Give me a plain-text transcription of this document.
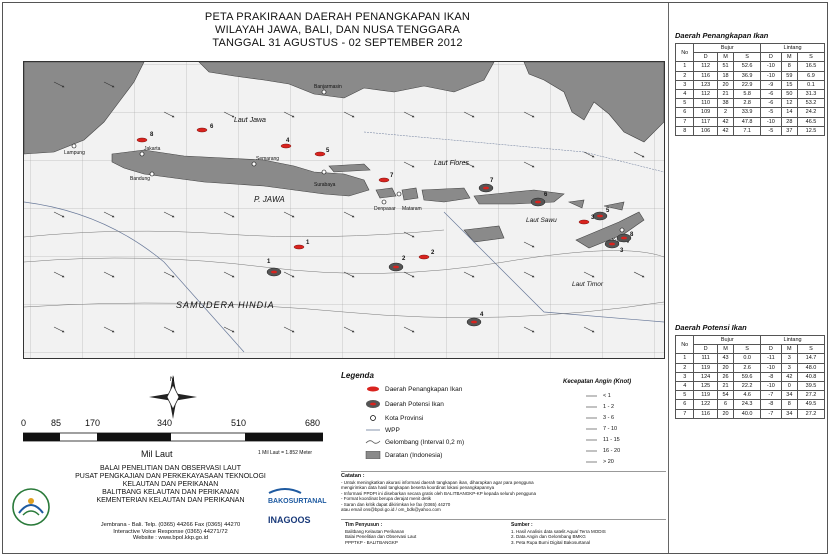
PETA PRAKIRAAN DAERAH PENANGKAPAN IKAN
WILAYAH JAWA, BALI, DAN NUSA TENGGARA
TANGGAL 31 AGUSTUS - 02 SEPTEMBER 2012
P. JAWA
Laut Jawa
Laut Flores
Laut Sawu
Laut Timor
SAMUDERA HINDIA
Jakarta
Bandung
Semarang
Surabaya
Lampung
Banjarmasin
Mataram
Denpasar
1
2
3
4
5
6
7
8
1	2
3
4
5
6
7
8
Daerah Penangkapan Ikan
No	Bujur			Lintang		
	D	M	S	D	M	S
1	112	51	52.6	-10	8	16.5
2	116	18	36.9	-10	59	6.9
3	123	20	22.9	-9	15	0.1
4	112	21	5.8	-6	50	31.3
5	110	38	2.8	-6	12	53.2
6	109	2	33.9	-5	14	24.2
7	117	42	47.8	-10	28	46.5
8	106	42	7.1	-5	37	12.5
Daerah Potensi Ikan
No	Bujur			Lintang		
	D	M	S	D	M	S
1	111	43	0.0	-11	3	14.7
2	119	20	2.6	-10	3	48.0
3	124	26	59.6	-8	42	40.8
4	125	21	22.2	-10	0	39.5
5	119	54	4.6	-7	34	27.2
6	122	6	24.3	-8	8	49.5
7	116	20	40.0	-7	34	27.2
N
0	85	170	340	510	680
Mil Laut	1 Mil Laut = 1.852 Meter
Legenda
Daerah Penangkapan Ikan
Daerah Potensi Ikan
Kota Provinsi
WPP
Gelombang (Interval 0,2 m)
Daratan (Indonesia)
Kecepatan Angin (Knot)
< 1
1 - 2
3 - 6
7 - 10
11 - 15
16 - 20
> 20
Catatan :
- Untuk meningkatkan akurasi informasi daerah tangkapan ikan, diharapkan agar para pengguna
mengirimkan data hasil tangkapan beserta koordinat lokasi penangkapannya
- Informasi PPDPI ini disebarkan secara gratis oleh BALITBANGKP-KP kepada seluruh pengguna
- Format koordinat berupa derajat menit detik
- Saran dan kritik dapat dikirimkan ke fax (0365) 44270
atau email ons@bpol.go.id / om_bdk@yahoo.com
Tim Penyusun :
Balitbang Kelautan Perikanan
Balai Penelitian dan Observasi Laut
PPPTKP - BALITBANGKP
Sumber :
1. Hasil Analisis data satelit Aqua/ Terra MODIS
2. Data Angin dan Gelombang BMKG
3. Peta Rupa Bumi Digital Bakosurtanal
BALAI PENELITIAN DAN OBSERVASI LAUT
PUSAT PENGKAJIAN DAN PERKEKAYASAAN TEKNOLOGI
KELAUTAN DAN PERIKANAN
BALITBANG KELAUTAN DAN PERIKANAN
KEMENTERIAN KELAUTAN DAN PERIKANAN
Jembrana - Bali. Telp. (0365) 44266 Fax (0365) 44270
Interactive Voice Response (0365) 44271/72
Website : www.bpol.kkp.go.id
BAKOSURTANAL
INAGOOS
